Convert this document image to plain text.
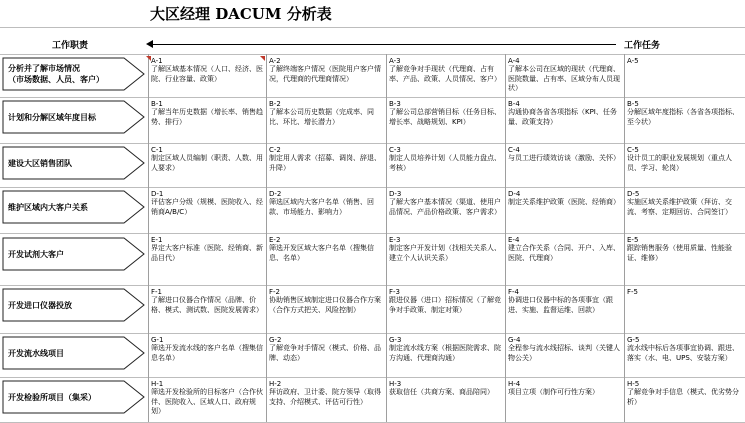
大区经理 DACUM 分析表
工作职责	工作任务
分析并了解市场情况
（市场数据、人员、客户）
A-1
了解区域基本情况（人口、经济、医院、行业容量、政策）
A-2
了解终端客户情况（医院用户客户情况，代理商的代理商情况）
A-3
了解竞争对手现状（代理商、占有率、产品、政策、人员情况、客户）
A-4
了解本公司在区域的现状（代理商、医院数量、占有率、区域分布人员现状）
A-5
计划和分解区域年度目标
B-1
了解当年历史数据（增长率、销售趋势、排行）
B-2
了解本公司历史数据（完成率、同比、环比、增长潜力）
B-3
了解公司总部营销目标（任务目标、增长率、战略规划、KPI）
B-4
沟通协商各省各项指标（KPI、任务量、政策支持）
B-5
分解区域年度指标（各省各项指标、至今状）
建设大区销售团队
C-1
制定区域人员编制（职责、人数、用人要求）
C-2
制定用人需求（招募、调岗、辞退、升降）
C-3
制定人员培养计划（人员能力盘点、考核）
C-4
与员工进行绩效访谈（激励、关怀）
C-5
设计员工的职业发展规划（重点人员、学习、轮岗）
维护区域内大客户关系
D-1
评估客户分级（规模、医院收入、经销商A/B/C）
D-2
筛选区域内大客户名单（销售、回款、市场能力、影响力）
D-3
了解大客户基本情况（渠道、使用户品情况、产品价格政策、客户需求）
D-4
制定关系维护政策（医院、经销商）
D-5
实施区域关系维护政策（拜访、交流、考察、定期回访、合同签订）
开发试剂大客户
E-1
界定大客户标准（医院、经销商、新品目代）
E-2
筛选开发区域大客户名单（搜集信息、名单）
E-3
制定客户开发计划（找相关关系人、建立个人认识关系）
E-4
建立合作关系（合同、开户、入库、医院、代理商）
E-5
跟踪销售服务（使用质量、性能验证、维修）
开发进口仪器投放
F-1
了解进口仪器合作情况（品牌、价格、模式、测试数、医院发展需求）
F-2
协助销售区域制定进口仪器合作方案（合作方式把关、风险控制）
F-3
跟进仪器（进口）招标情况（了解竞争对手政策、制定对策）
F-4
协调进口仪器中标的各项事宜（跟进、实施、监督运维、回款）
F-5
开发流水线项目
G-1
筛选开发流水线的客户名单（搜集信息名单）
G-2
了解竞争对手情况（模式、价格、品牌、动态）
G-3
制定流水线方案（根据医院需求、院方沟通、代理商沟通）
G-4
全程参与流水线招标、谈判（关键人物公关）
G-5
流水线中标后各项事宜协调、跟进、落实（水、电、UPS、安装方案）
开发检验所项目（集采）
H-1
筛选开发检验所的目标客户（合作伙伴、医院收入、区域人口、政府规划）
H-2
拜访政府、卫计委、院方领导（取得支持、介绍模式、评估可行性）
H-3
获取信任（共商方案、商品陪同）
H-4
项目立项（制作可行性方案）
H-5
了解竞争对手信息（模式、优劣势分析）
